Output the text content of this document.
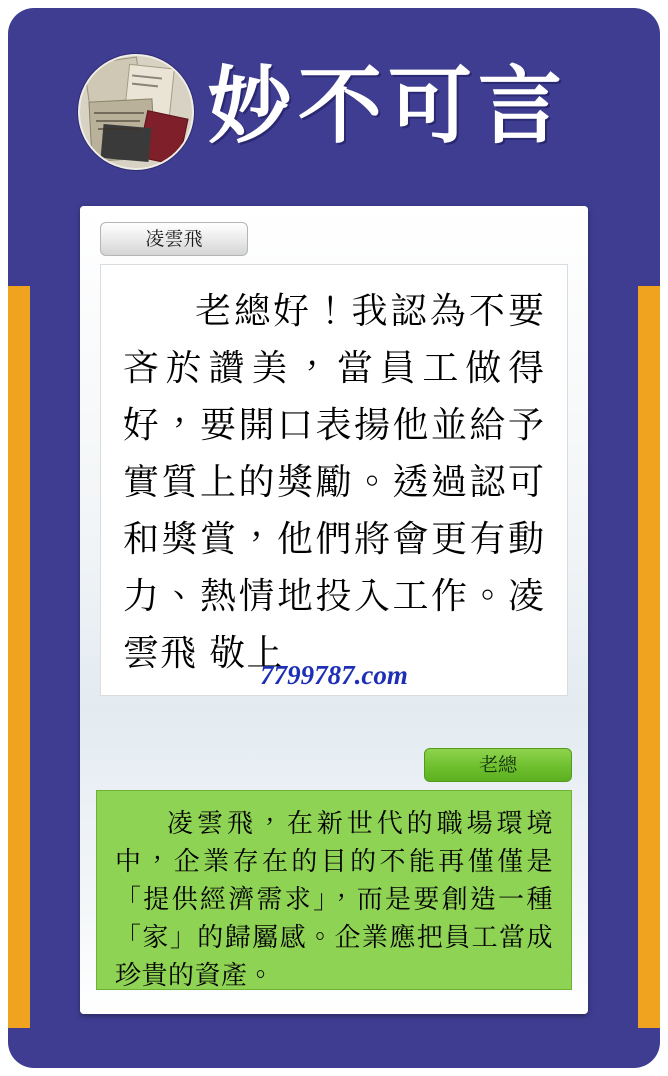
妙不可言
凌雲飛
老總好！我認為不要吝於讚美，當員工做得好，要開口表揚他並給予實質上的獎勵。透過認可和獎賞，他們將會更有動力、熱情地投入工作。凌雲飛 敬上
7799787.com
老總
凌雲飛，在新世代的職場環境中，企業存在的目的不能再僅僅是「提供經濟需求」，而是要創造一種「家」的歸屬感。企業應把員工當成珍貴的資產。
